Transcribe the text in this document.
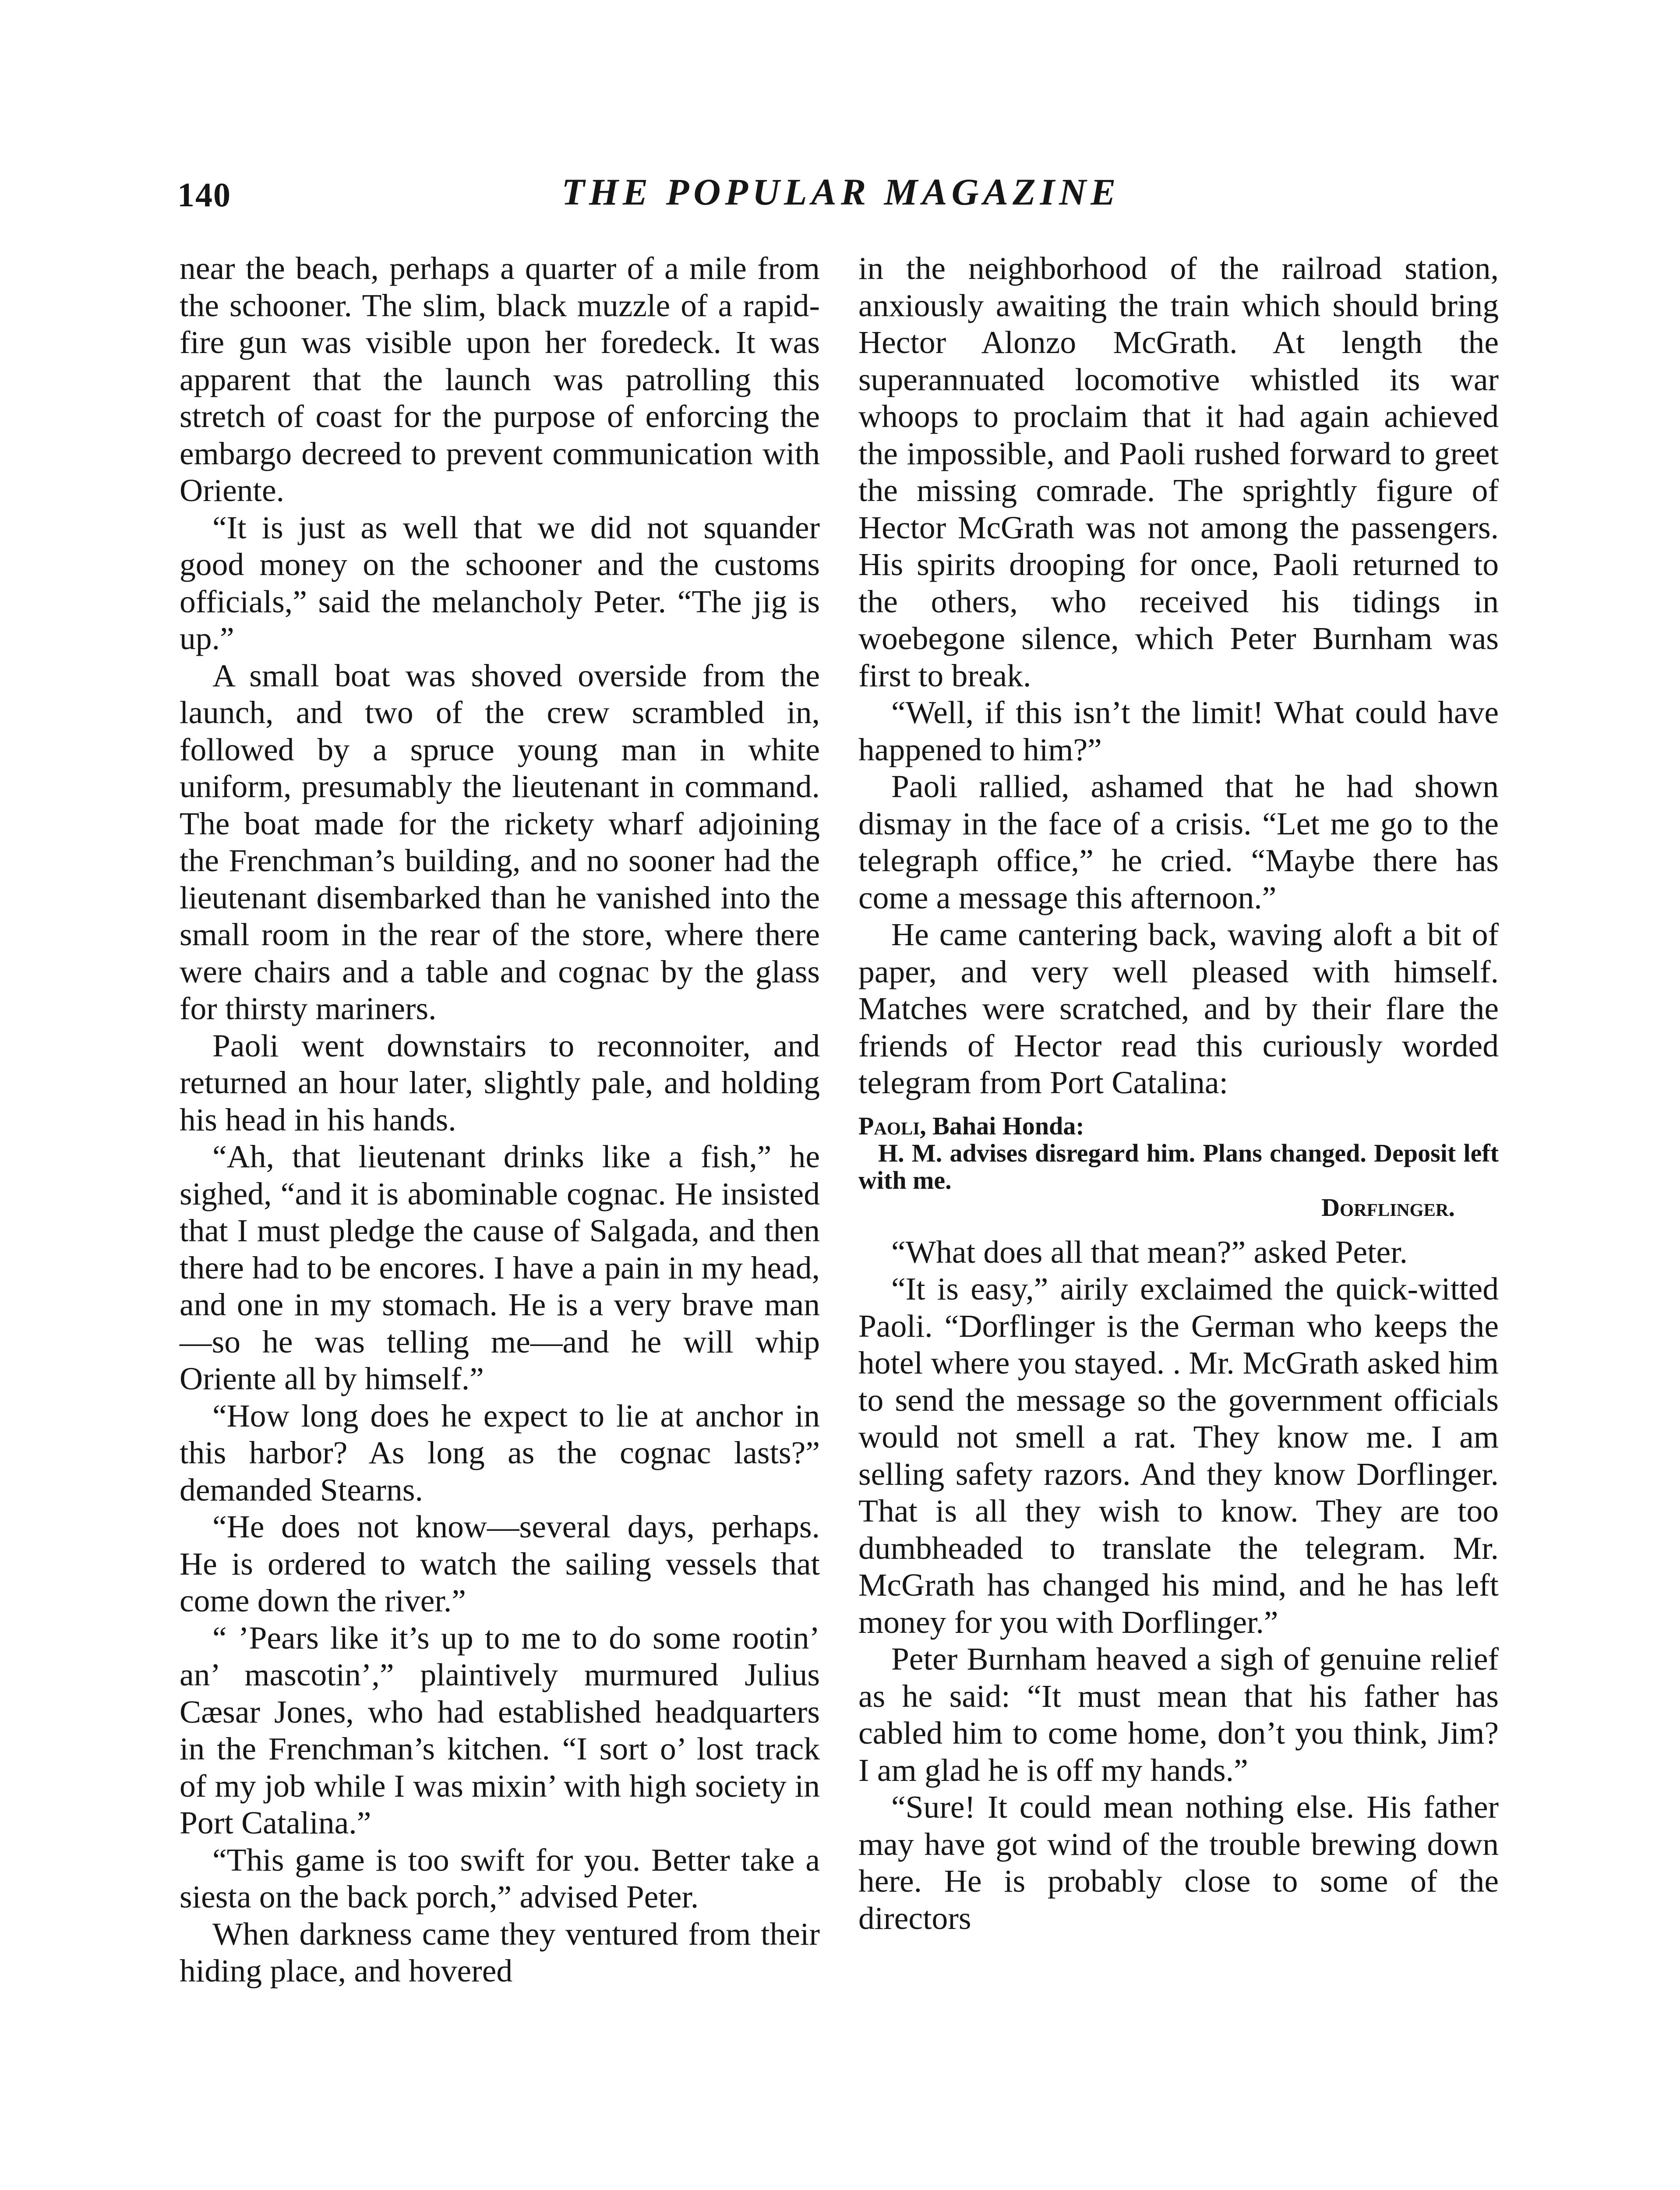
140	THE POPULAR MAGAZINE

near the beach, perhaps a quarter of a mile from the schooner. The slim, black muzzle of a rapid-fire gun was visible upon her foredeck. It was apparent that the launch was patrolling this stretch of coast for the purpose of enforcing the embargo decreed to prevent communication with Oriente.

“It is just as well that we did not squander good money on the schooner and the customs officials,” said the melancholy Peter. “The jig is up.”

A small boat was shoved overside from the launch, and two of the crew scrambled in, followed by a spruce young man in white uniform, presumably the lieutenant in command. The boat made for the rickety wharf adjoining the Frenchman’s building, and no sooner had the lieutenant disembarked than he vanished into the small room in the rear of the store, where there were chairs and a table and cognac by the glass for thirsty mariners.

Paoli went downstairs to reconnoiter, and returned an hour later, slightly pale, and holding his head in his hands.

“Ah, that lieutenant drinks like a fish,” he sighed, “and it is abominable cognac. He insisted that I must pledge the cause of Salgada, and then there had to be encores. I have a pain in my head, and one in my stomach. He is a very brave man—so he was telling me—and he will whip Oriente all by himself.”

“How long does he expect to lie at anchor in this harbor? As long as the cognac lasts?” demanded Stearns.

“He does not know—several days, perhaps. He is ordered to watch the sailing vessels that come down the river.”

“ ’Pears like it’s up to me to do some rootin’ an’ mascotin’,” plaintively murmured Julius Cæsar Jones, who had established headquarters in the Frenchman’s kitchen. “I sort o’ lost track of my job while I was mixin’ with high society in Port Catalina.”

“This game is too swift for you. Better take a siesta on the back porch,” advised Peter.

When darkness came they ventured from their hiding place, and hovered

in the neighborhood of the railroad station, anxiously awaiting the train which should bring Hector Alonzo McGrath. At length the superannuated locomotive whistled its war whoops to proclaim that it had again achieved the impossible, and Paoli rushed forward to greet the missing comrade. The sprightly figure of Hector McGrath was not among the passengers. His spirits drooping for once, Paoli returned to the others, who received his tidings in woebegone silence, which Peter Burnham was first to break.

“Well, if this isn’t the limit! What could have happened to him?”

Paoli rallied, ashamed that he had shown dismay in the face of a crisis. “Let me go to the telegraph office,” he cried. “Maybe there has come a message this afternoon.”

He came cantering back, waving aloft a bit of paper, and very well pleased with himself. Matches were scratched, and by their flare the friends of Hector read this curiously worded telegram from Port Catalina:

Paoli, Bahai Honda:

H. M. advises disregard him. Plans changed. Deposit left with me.

Dorflinger.

“What does all that mean?” asked Peter.

“It is easy,” airily exclaimed the quick-witted Paoli. “Dorflinger is the German who keeps the hotel where you stayed. . Mr. McGrath asked him to send the message so the government officials would not smell a rat. They know me. I am selling safety razors. And they know Dorflinger. That is all they wish to know. They are too dumbheaded to translate the telegram. Mr. McGrath has changed his mind, and he has left money for you with Dorflinger.”

Peter Burnham heaved a sigh of genuine relief as he said: “It must mean that his father has cabled him to come home, don’t you think, Jim? I am glad he is off my hands.”

“Sure! It could mean nothing else. His father may have got wind of the trouble brewing down here. He is probably close to some of the directors
